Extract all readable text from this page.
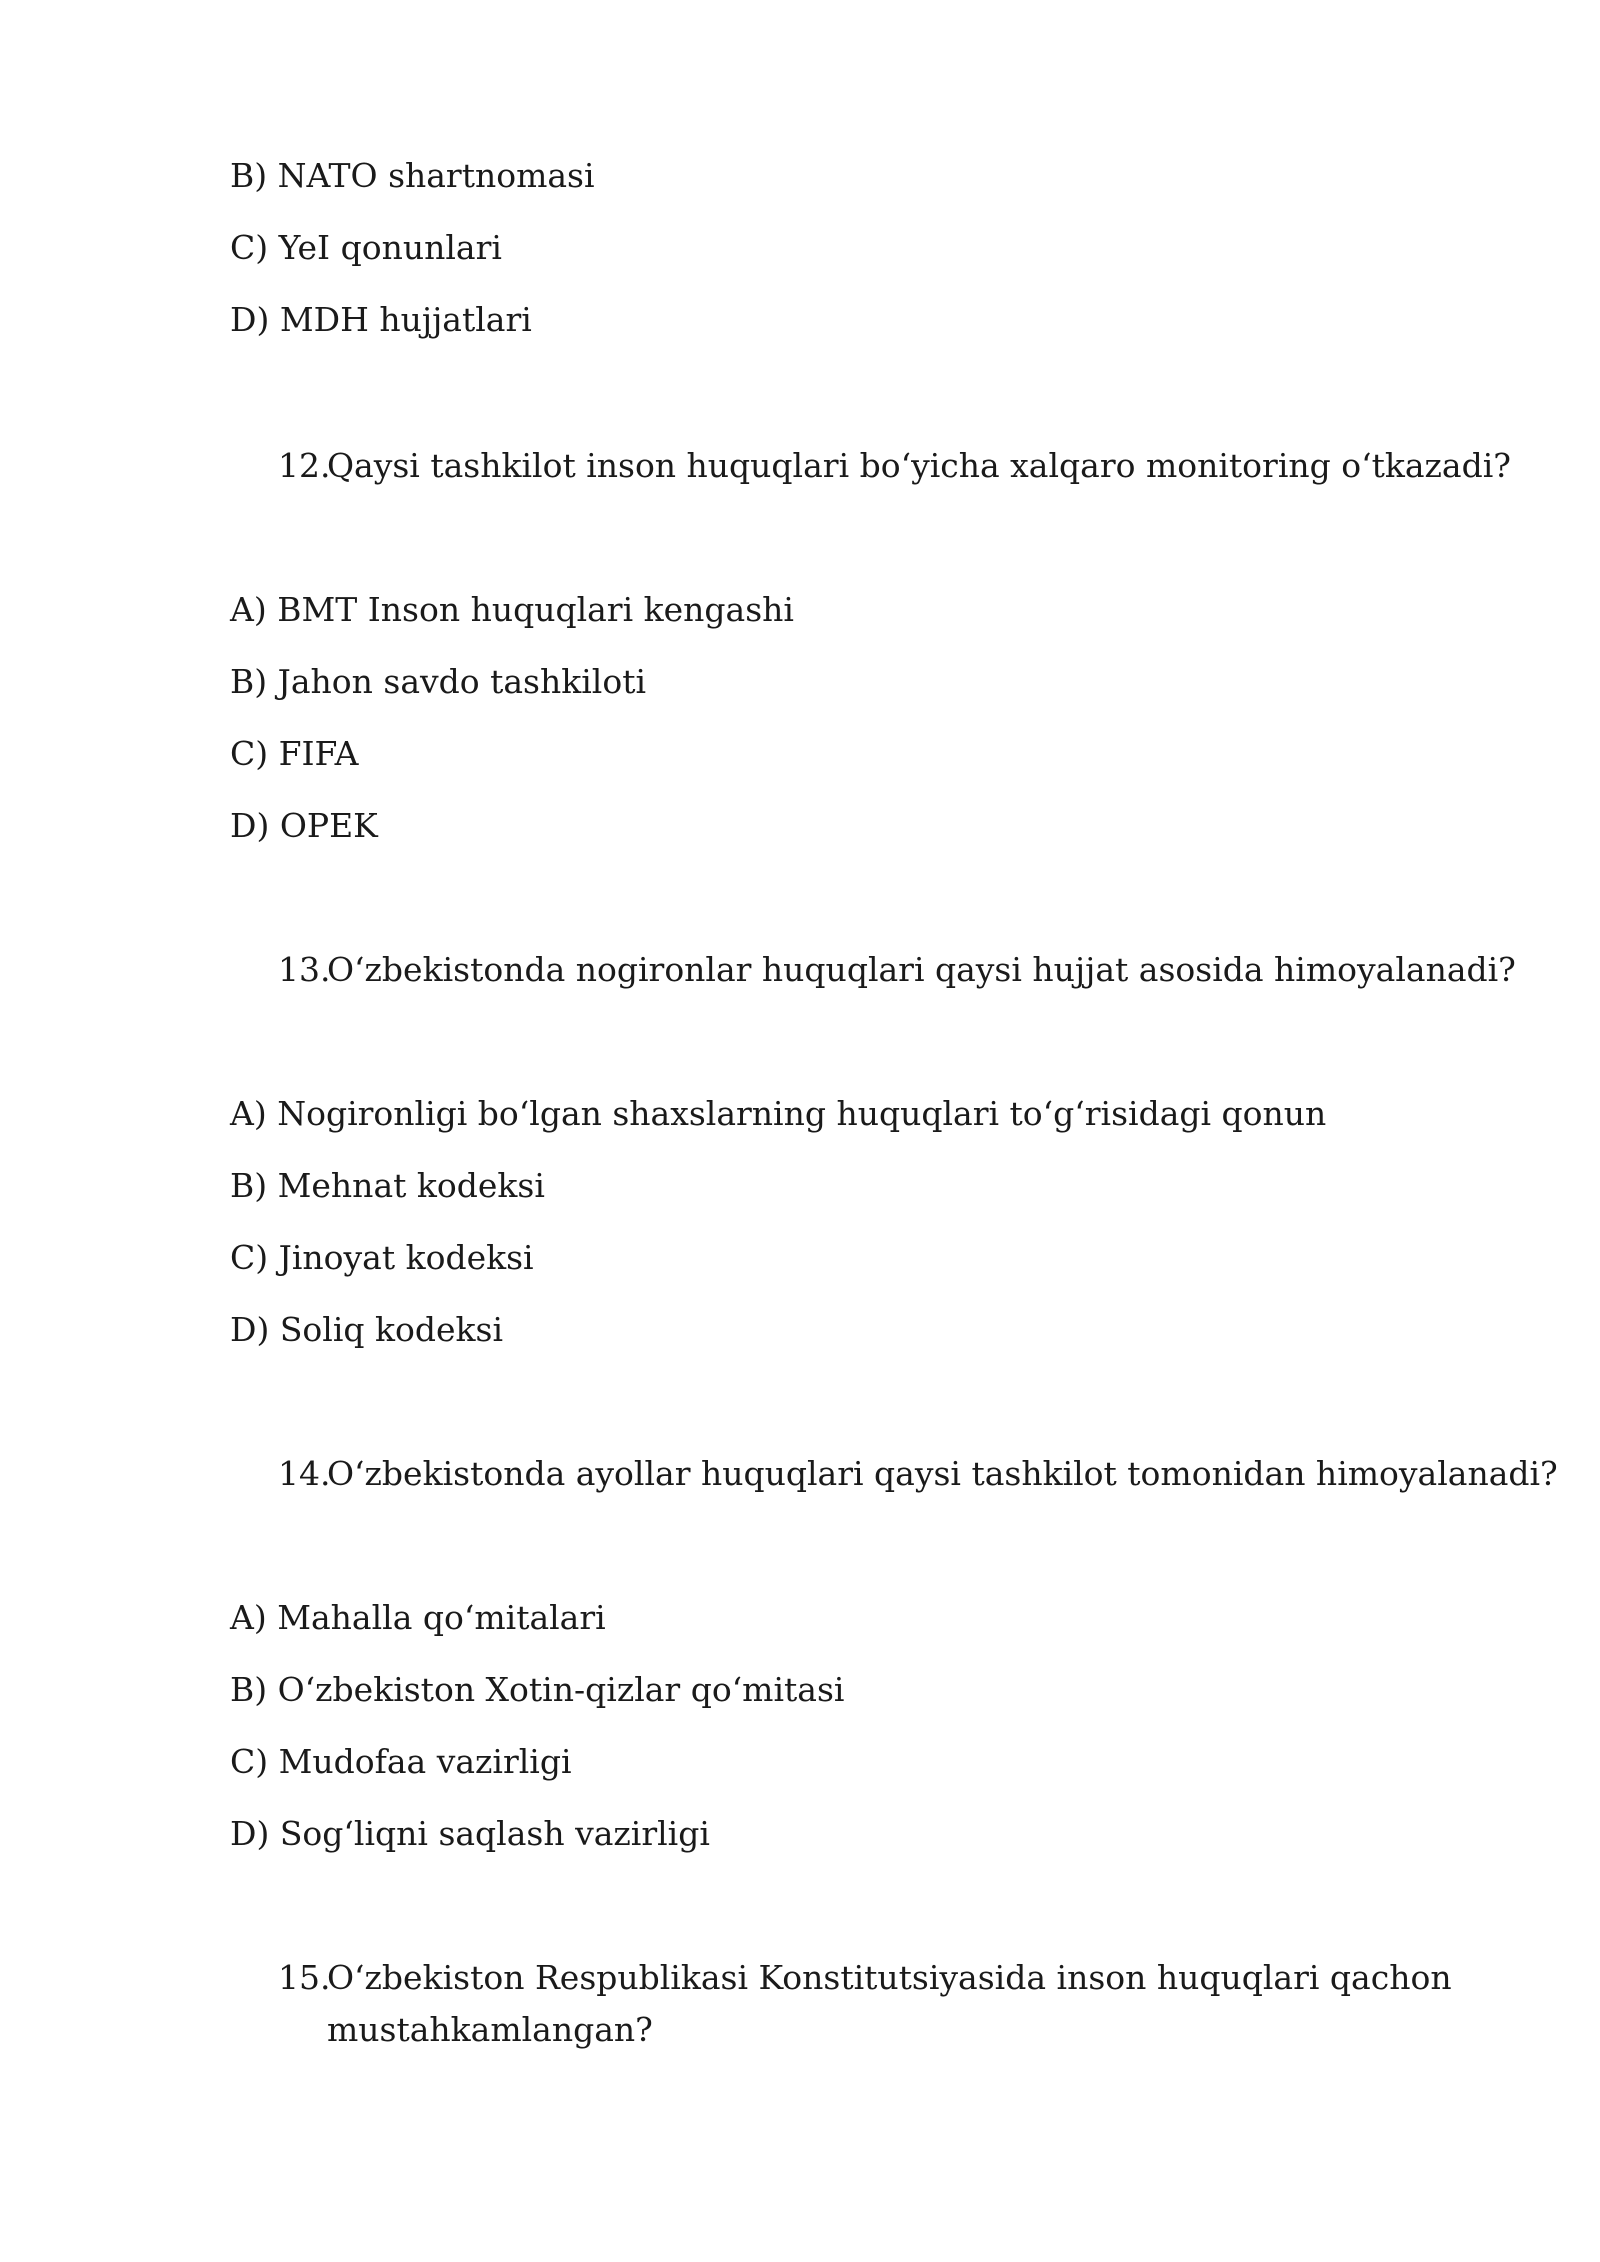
B) NATO shartnomasi
C) YeI qonunlari
D) MDH hujjatlari
12.
Qaysi tashkilot inson huquqlari bo‘yicha xalqaro monitoring o‘tkazadi?
A) BMT Inson huquqlari kengashi
B) Jahon savdo tashkiloti
C) FIFA
D) OPEK
13.
O‘zbekistonda nogironlar huquqlari qaysi hujjat asosida himoyalanadi?
A) Nogironligi bo‘lgan shaxslarning huquqlari to‘g‘risidagi qonun
B) Mehnat kodeksi
C) Jinoyat kodeksi
D) Soliq kodeksi
14.
O‘zbekistonda ayollar huquqlari qaysi tashkilot tomonidan himoyalanadi?
A) Mahalla qo‘mitalari
B) O‘zbekiston Xotin-qizlar qo‘mitasi
C) Mudofaa vazirligi
D) Sog‘liqni saqlash vazirligi
15.
O‘zbekiston Respublikasi Konstitutsiyasida inson huquqlari qachon
mustahkamlangan?
